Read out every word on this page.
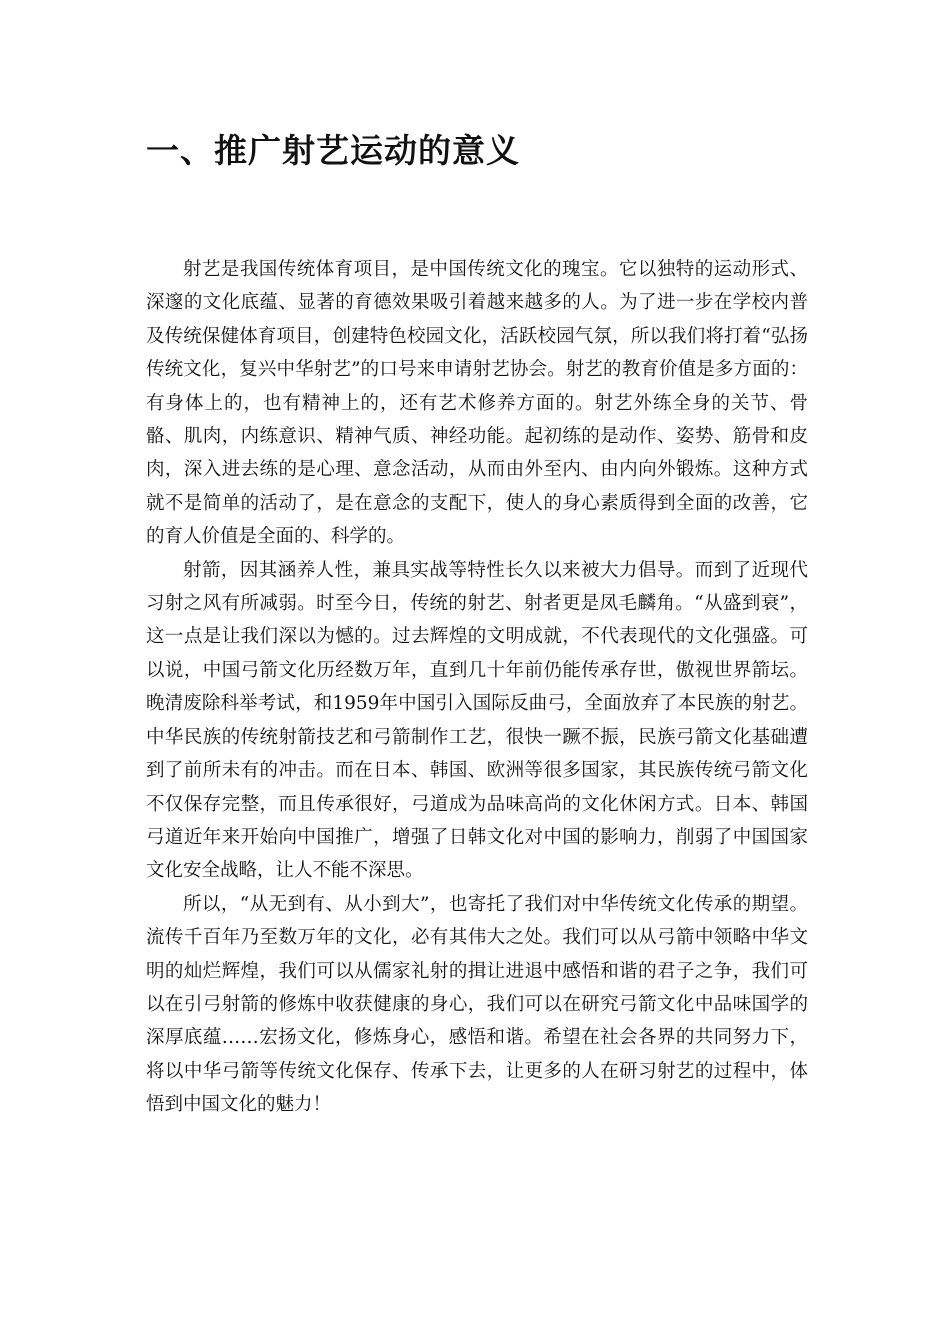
一、推广射艺运动的意义

射艺是我国传统体育项目，是中国传统文化的瑰宝。它以独特的运动形式、深邃的文化底蕴、显著的育德效果吸引着越来越多的人。为了进一步在学校内普及传统保健体育项目，创建特色校园文化，活跃校园气氛，所以我们将打着“弘扬传统文化，复兴中华射艺”的口号来申请射艺协会。射艺的教育价值是多方面的：有身体上的，也有精神上的，还有艺术修养方面的。射艺外练全身的关节、骨骼、肌肉，内练意识、精神气质、神经功能。起初练的是动作、姿势、筋骨和皮肉，深入进去练的是心理、意念活动，从而由外至内、由内向外锻炼。这种方式就不是简单的活动了，是在意念的支配下，使人的身心素质得到全面的改善，它的育人价值是全面的、科学的。

射箭，因其涵养人性，兼具实战等特性长久以来被大力倡导。而到了近现代习射之风有所减弱。时至今日，传统的射艺、射者更是凤毛麟角。“从盛到衰”，这一点是让我们深以为憾的。过去辉煌的文明成就，不代表现代的文化强盛。可以说，中国弓箭文化历经数万年，直到几十年前仍能传承存世，傲视世界箭坛。晚清废除科举考试，和1959年中国引入国际反曲弓，全面放弃了本民族的射艺。中华民族的传统射箭技艺和弓箭制作工艺，很快一蹶不振，民族弓箭文化基础遭到了前所未有的冲击。而在日本、韩国、欧洲等很多国家，其民族传统弓箭文化不仅保存完整，而且传承很好，弓道成为品味高尚的文化休闲方式。日本、韩国弓道近年来开始向中国推广，增强了日韩文化对中国的影响力，削弱了中国国家文化安全战略，让人不能不深思。

所以，“从无到有、从小到大”，也寄托了我们对中华传统文化传承的期望。流传千百年乃至数万年的文化，必有其伟大之处。我们可以从弓箭中领略中华文明的灿烂辉煌，我们可以从儒家礼射的揖让进退中感悟和谐的君子之争，我们可以在引弓射箭的修炼中收获健康的身心，我们可以在研究弓箭文化中品味国学的深厚底蕴……宏扬文化，修炼身心，感悟和谐。希望在社会各界的共同努力下，将以中华弓箭等传统文化保存、传承下去，让更多的人在研习射艺的过程中，体悟到中国文化的魅力！
